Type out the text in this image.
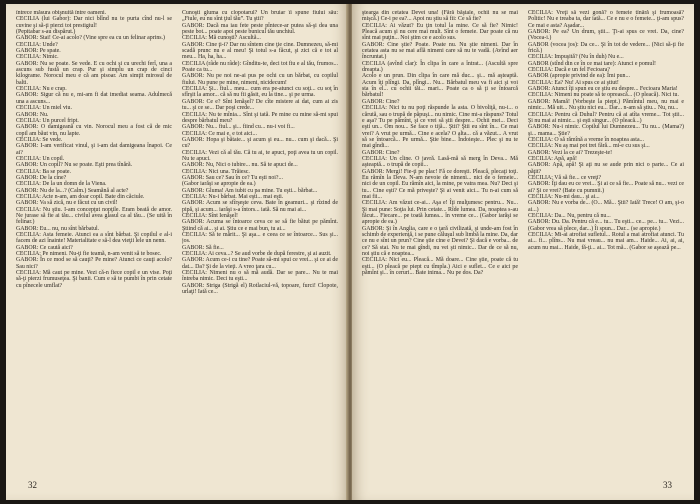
întrece măsura obişnuită între oameni.

CECILIA (lui Gabor): Dar nici blînd nu te purta cînd nu-l se cuvine şi să-ţi pierzi tot prestigiul!

(Pepitabar s-au dispărut.)

GABOR: Stai! Ce-ai acolo? (Vine spre ea cu un felinar aprins.)

CECILIA: Unde?

GABOR: Pe spate.

CECILIA: Nimic.

GABOR: Nu se poate. Se vede. E cu ochi şi cu urechi ferî, una a ascuns sub fustă un crap. Pur şi simplu un crap de cinci kilograme. Norocul meu e că am pisoar. Am simţit mirosul de balti.

CECILIA: Nu e crap.

GABOR: Sigur că nu e, mi-am fi dat imediat seama. Adulmecă una a ascuns...

CECILIA: Un miel viu.

GABOR: Nu.

CECILIA: Un purcel fript.

GABOR: O damigeană cu vin. Norocul meu a fost că de mic copil am băut vin, nu lapte.

CECILIA: Se vede.

GABOR: I-am verificat vinul, şi i-am dat damigeana înapoi. Ce ai?

CECILIA: Un copil.

GABOR: Un copil? Nu se poate. Eşti prea tînără.

CECILIA: Ba se poate.

GABOR: De la cine?

CECILIA: De la un domn de la Viena.

GABOR: Nu de la...? (Calm.) Seamănă al acte?

CECILIA: Acte n-am, am doar copil. Bate din căciule.

GABOR: Va să zică, nu e făcut cu un civil!

CECILIA: Nu ştiu. I-am concepţut nopţile. Eram beată de amor. Ne jurase să fie ai tău... civilul avea glasul ca al tău... (Se uită în felinar.)

GABOR: Eu... nu, nu sînt bărbatul.

CECILIA: Asta femeie. Atunci ea a sînt bărbat. Şi copilul e al-i facem de azi înainte! Materialitate e să-l dea vieţii lele un nenn.

GABOR: Ce caută aici?

CECILIA: Pe nimeni. Nu-ţi fie teamă, n-am venit să te bosec.

GABOR: În ce mod se să cauţi? Pe mine? Atunci ce cauţi acolo? Sau nici?

CECILIA: Mă caut pe mine. Vezi că-n fiece copil e un vise. Poţi să-ţi pierzi frumuseţea. Şi banii. Cum e să te pumbi în prin cetate cu pînecele umflat?

Cunoşti gluma cu clopotarul? Un bruiar îi spune fiului său: „Fiule, eu nu sînt ţiul tău”. Tu ştii?

GABOR: Dacă ma iau fete peste pîntece-ar putea să-şi dea una peste bot... poate apoi peste bunicul tău unchiul.

CECILIA: Mă cunoşti? Ascultă...

GABOR: Cine ţi-i? Dar nu sîntem cine ţie cine. Dumnezeu, să-mi scadă prunc nu e al meu! Şi totul s-a făcut, şi zici că e tot al meu... Ha, ha, ha...

CECILIA (râde nu râde): Gînditu-te, deci tot fiu e al tău, frumos... Poate ca tu...

GABOR: Nu pe noi ne-ai pus pe ochi cu un bărbat, cu copilul fiului. Nu pune pe mine, nimeni, nicidecum!

CECILIA: Şi... fiul... meu... cum era pe-atunci cu soţi... cu soţ în sfîrşit la amor... că să nu fii găsit, eu la tine... şi pe urma.

GABOR: Ce e? Sînt Ienăşel? De cîte mistere ai dat, cum ai zis tu... şi ce se... Dar poşi crede...

CECILIA: Nu te mînia... Sînt şi tată. Pe mine cu mine să-mi spui despre bărbatul meu?

GABOR: Nu... fiul... şi... fiind cu... nu-i voi fi...

CECILIA: Ce mai e, e tot aici...

GABOR: Hopa şi bătaie... şi acum şi eu... nu... cum şi dacă... Şi cu?

CECILIA: Vezi că al tău. Că tu ai, te apuci, poţi avea tu un copil. Nu te apuci.

GABOR: Nu, Nici o iubire... nu. Să te apuci de...

CECILIA: Nici una. Trăiesc.

GABOR: Sau ce? Sau în ce? Tu eşti noi?...

(Gabor iarăşi se apropie de ea.)

GABOR: Gluma! Am iubit cu pa mine. Tu eşti... bărbat...

CECILIA: Nu-i bărbat. Mai eşti... mai eşti.

GABOR: Acum se sfîrşeşte ceva. Bate în geamuri... şi rîzind de pipă, şi acum... iarăşi s-a întors... iată. Să nu mai ai...

CECILIA: Sînt Ienăşel!

GABOR: Acuma se întoarce ceva ce se să fie bătut pe pămînt. Ştiind că ai... şi ai. Ştiu ce e mai bun, tu ai...

CECILIA: Să te mărit... Şi aşa... e ceea ce se întoarce... Sus şi... jos.

GABOR: Să fie...

CECILIA: Ai ceva...? Se aud vorbe de după ferestre, şi ai auzit.

GABOR: Acum ce-i cu tine? Poate să-mi spui ce vrei... şi ce ai de dat... Da? Şi de la vieţi. A vreo ţara cu...

CECILIA: Nimeni nu o să mă audă. Dar se pare... Nu te mai întreba nimic. Deci tu eşti...

GABOR: Striga (Strigă el) Rotlaciul-vă, topoare, furci! Clopote, urlaţi! Iată ce...

32

ştearga din cetatea Devei una! (Fără băştale, ochii nu se mai mişcă.) Ce-i pe ea?... Apoi nu ştiu să fii: Ce să fie?

CECILIA: Ai văzut? Eu ţin totul la mine. Ce să fie? Nimic! Pleacă acum şi nu cere mai mult. Sînt o femeie. Dar poate că nu sînt mai puţin... Noi ştim ce e acolo sus.

GABOR: Cine ştie? Poate. Poate nu. Nu ştie nimeni. Dar în cetatea asta nu se mai află nimeni care să nu te vadă. (Avînd aer încruntat.)

CECILIA (avînd clar): În clipa în care a întrat... (Ascultă spre dreapta.)

Acolo e un prun. Din clipa în care mă duc... şi... mă aşteaptă. Acum îţi plîngi. Da, plîngi... Nu... Bărbatul meu va fi aici şi voi sta în el... cu ochii tăi... mari... Poate ca o să ţi se întoarcă bărbatul!

GABOR: Cine?

CECILIA: Nici tu nu poţi răspunde la asta. O bivoliţă, nu-i... o cărută, sau o trupă de păpuşi... nu nimic. Cine mi-a răspuns? Totul e aşa? Tu pe pămînt, şi ce vrei să ştii despre... Ochii mei... Deci eşti un... Om nou... Se face o tijă... Ştii? Ştii eu sînt în... Ce mai vrei? A vrut pe urmă... Cine e acela? O alta... că a văzut... A vrut să se întoarcă... Pe urmă... Ştie bine... Îndoieşte... Plec şi nu te mai gîndi...

GABOR: Cine?

CECILIA: Un cline. O javră. Lasă-mă să merg în Deva... Mă aşteaptă... o trupă de copii...

GABOR: Mergi! Fie-ţi pe plac! Fă ce doreşti. Pleacă, plecaţi toţi. Eu rămîn la Deva. N-am nevoie de nimeni... nici de o femeie... nici de un copil. Eu rămîn aici, la mine, pe vatra mea. Nu? Deci şi tu... Cine eşti? Ce mă priveşte? Şi ai venit aici... Tu n-ai cum să mai fii...

CECILIA: Am văzut ce-ai... Aşa e! Îţi mulţumesc pentru... Nu... Şi mai pune: Soţia lui. Prin cetate... Rîde lumea. Da, noaptea s-au făcut... Fiecare... pe toată lumea... în vreme ce... (Gabor iarăşi se apropie de ea.)

GABOR: Şi în Anglia, care e o ţară civilizată, şi unde-am fost în schimb de experienţă, i se pune căluşul sub limbă la mine. Da, dar ce nu e sînt un prun? Cine ştie cine e Devei? Şi dacă e vorba... de ce? Să stai. Nu te mai gîndi, nu vei şti nimic... Dar de ce să nu, noi ştiu că e noaptea...

CECILIA: Nici eu... Pleacă... Mă doare... Cine ştie, poate că tu eşti... (O pleacă pe piept cu tîmpla.) Aici e suflet... Ce e aici pe pămînt şi... în ceruri... Bate inima... Nu pe dos. Da?

CECILIA: Vreţi să vezi gonă? o femeie tînără şi frumoasă? Politic! Nu e treaba ta, dar iată... Ce e nu e o femeie... ţi-am spus? Ce mai e asta? Aşadar...

GABOR: Pe ea? Un drum, ştii... Ţi-ai spus ce vrei. Da, cine? (Vocea-i.)

GABOR (vocea jos): Da ce... Şi în tot de vedere... (Nici să-ţi fie frică.)

CECILIA: Impuşită? (Nu în duh) Nu e...

GABOR (stînd din ce în ce mai tare): Atunci e pomul!

CECILIA: Dacă e un fel Fecioara?

GABOR (apropie privind de ea): Îmi pun...

CECILIA: Ea? Nu! Ai spus ce ai ştiut!

GABOR: Atunci îţi spun eu ce ştiu eu despre... Fecioara Maria!

CECILIA: Nimeni nu poate să te oprească... (O pleacă). Nici tu.

GABOR: Mamă! (Vorbeşte la piept.) Pămîntul meu, nu mai e nimic... Mă uit... Nu ştiu nici eu... Dar... n-am să ştiu... Nu, nu...

CECILIA: Pentru că Duhul? Pentru că ai atîta vreme... Tot ştii... Şi nu mai ai nimic... şi eşti singur... (O pleacă...)

GABOR: Nu-i nimic. Copilul lui Dumnezeu... Tu nu... (Mama?) şi... mama... Ştie?

CECILIA: O să rămînă a vreme în noaptea asta...

CECILIA: Nu aş mai pot trei fără... mi-e cu sus şi...

GABOR: Vezi la ce ai? Trezeşte-te!

CECILIA: Apă, apă!

GABOR: Apă, apă! Şi aţi nu se aude prin nici o parte... Ce ai păţit?

CECILIA: Vă să fie... ce vreţi?

GABOR: Îţi dau eu ce vrei... Şi ai ce să fie... Poate să nu... vezi ce ai? Şi ce vrei? (Bate cu pumnii.)

CECILIA: Nu-mi dau... şi ai...

GABOR: Nu e vorba de... (O... Mă... Ştii? Iată! Trece! O am, şi-o ai...)

CECILIA: Da... Nu, pentru că nu...

GABOR: Du. Da. Pentru că e... tu... Tu eşti... ce... pe... tu... Vezi... (Gabor vrea să plece, dar...) Îi spun... Dar... (se apropie.)

CECILIA: Mi-ai atrofiat sufletul... Rotul a mai atrofiat atunci. Tu ai... fi... plîns... Nu mai vreau... nu mai am... Haide... Ai, ai, ai, acum nu mai... Haide, fă-ţi... ai... Tot mă... (Gabor se aşează pe...

33
